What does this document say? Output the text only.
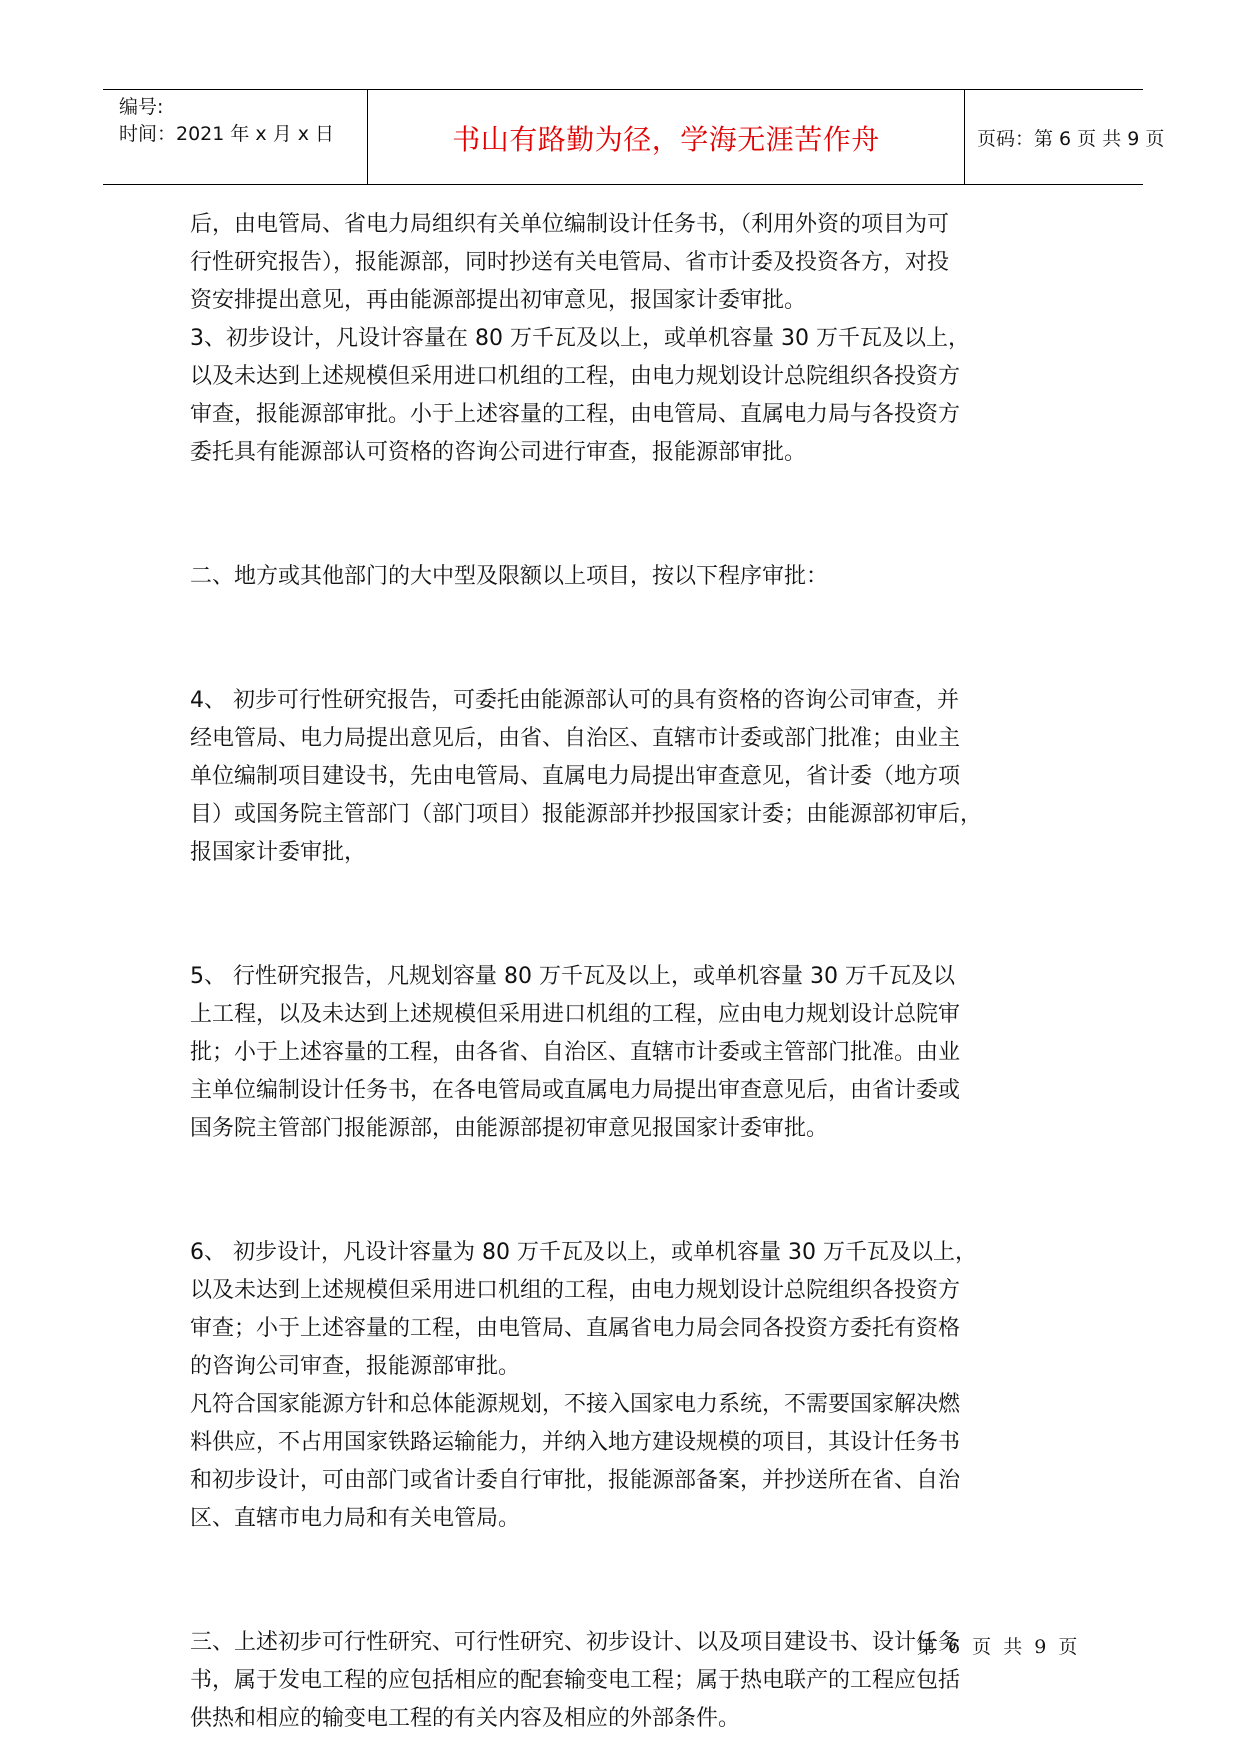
编号:
时间：2021 年 x 月 x 日	书山有路勤为径，学海无涯苦作舟	页码：第 6 页 共 9 页
后，由电管局、省电力局组织有关单位编制设计任务书，（利用外资的项目为可
行性研究报告），报能源部，同时抄送有关电管局、省市计委及投资各方，对投
资安排提出意见，再由能源部提出初审意见，报国家计委审批。
3、初步设计，凡设计容量在 80 万千瓦及以上，或单机容量 30 万千瓦及以上，
以及未达到上述规模但采用进口机组的工程，由电力规划设计总院组织各投资方
审查，报能源部审批。小于上述容量的工程，由电管局、直属电力局与各投资方
委托具有能源部认可资格的咨询公司进行审查，报能源部审批。
二、地方或其他部门的大中型及限额以上项目，按以下程序审批：
4、 初步可行性研究报告，可委托由能源部认可的具有资格的咨询公司审查，并
经电管局、电力局提出意见后，由省、自治区、直辖市计委或部门批准；由业主
单位编制项目建设书，先由电管局、直属电力局提出审查意见，省计委（地方项
目）或国务院主管部门（部门项目）报能源部并抄报国家计委；由能源部初审后，
报国家计委审批，
5、 行性研究报告，凡规划容量 80 万千瓦及以上，或单机容量 30 万千瓦及以
上工程，以及未达到上述规模但采用进口机组的工程，应由电力规划设计总院审
批；小于上述容量的工程，由各省、自治区、直辖市计委或主管部门批准。由业
主单位编制设计任务书，在各电管局或直属电力局提出审查意见后，由省计委或
国务院主管部门报能源部，由能源部提初审意见报国家计委审批。
6、 初步设计，凡设计容量为 80 万千瓦及以上，或单机容量 30 万千瓦及以上，
以及未达到上述规模但采用进口机组的工程，由电力规划设计总院组织各投资方
审查；小于上述容量的工程，由电管局、直属省电力局会同各投资方委托有资格
的咨询公司审查，报能源部审批。
凡符合国家能源方针和总体能源规划，不接入国家电力系统，不需要国家解决燃
料供应，不占用国家铁路运输能力，并纳入地方建设规模的项目，其设计任务书
和初步设计，可由部门或省计委自行审批，报能源部备案，并抄送所在省、自治
区、直辖市电力局和有关电管局。
三、上述初步可行性研究、可行性研究、初步设计、以及项目建设书、设计任务
书，属于发电工程的应包括相应的配套输变电工程；属于热电联产的工程应包括
供热和相应的输变电工程的有关内容及相应的外部条件。
第 6 页 共 9 页
